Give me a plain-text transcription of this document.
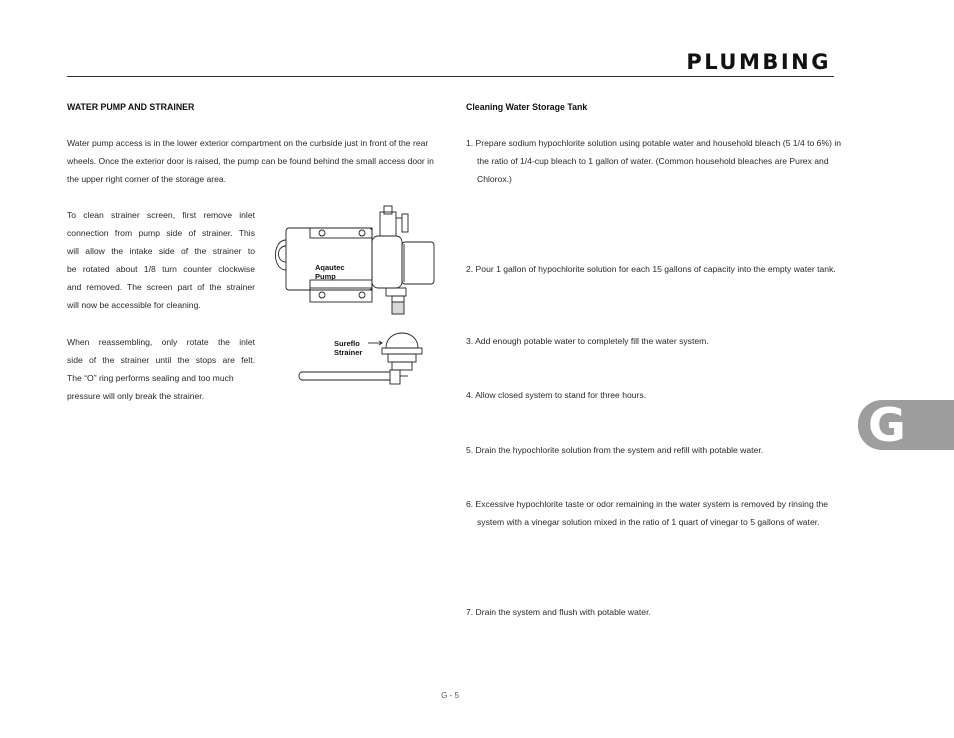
PLUMBING
WATER PUMP AND STRAINER

Water pump access is in the lower exterior compartment on the curbside just in front of the rear wheels. Once the exterior door is raised, the pump can be found behind the small access door in the upper right corner of the storage area.

To clean strainer screen, first remove inlet
connection from pump side of strainer. This
will allow the intake side of the strainer to
be rotated about 1/8 turn counter clockwise
and removed. The screen part of the strainer
will now be accessible for cleaning.
When reassembling, only rotate the inlet
side of the strainer until the stops are felt.
The “O” ring performs sealing and too much
pressure will only break the strainer.
Aqautec
Pump
Sureflo
Strainer
Cleaning Water Storage Tank

1. Prepare sodium hypochlorite solution using potable water and household bleach (5 1/4 to 6%) in the ratio of 1/4-cup bleach to 1 gallon of water. (Common household bleaches are Purex and Chlorox.)

2. Pour 1 gallon of hypochlorite solution for each 15 gallons of capacity into the empty water tank.

3. Add enough potable water to completely fill the water system.

4. Allow closed system to stand for three hours.

5. Drain the hypochlorite solution from the system and refill with potable water.

6. Excessive hypochlorite taste or odor remaining in the water system is removed by rinsing the system with a vinegar solution mixed in the ratio of 1 quart of vinegar to 5 gallons of water.

7. Drain the system and flush with potable water.

G
G - 5
